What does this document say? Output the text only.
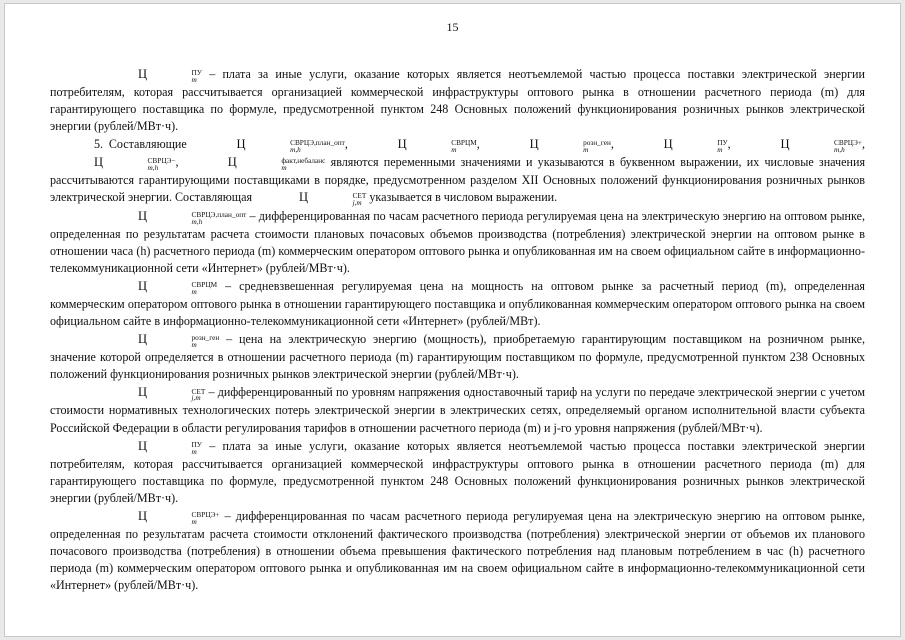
15

Ц	ПУ
m – плата за иные услуги, оказание которых является неотъемлемой частью процесса поставки электрической энергии потребителям, которая рассчитывается организацией коммерческой инфраструктуры оптового рынка в отношении расчетного периода (m) для гарантирующего поставщика по формуле, предусмотренной пунктом 248 Основных положений функционирования розничных рынков электрической энергии (рублей/МВт·ч).

5. Составляющие	Ц	СВРЦЭ,план_опт
m,h	,	Ц	СВРЦМ
m	,	Ц	розн_ген
m	,	Ц	ПУ
m ,	Ц	СВРЦЭ+
m,h	, Ц	СВРЦЭ−
m,h	,	Ц	факт,небаланс
m	являются переменными значениями и указываются в буквенном выражении, их числовые значения рассчитываются гарантирующими поставщиками в порядке, предусмотренном разделом XII Основных положений функционирования розничных рынков электрической энергии. Составляющая	Ц	СЕТ
j,m указывается в числовом выражении.

Ц	СВРЦЭ,план_опт
m,h	– дифференцированная по часам расчетного периода регулируемая цена на электрическую энергию на оптовом рынке, определенная по результатам расчета стоимости плановых почасовых объемов производства (потребления) электрической энергии на оптовом рынке в отношении часа (h) расчетного периода (m) коммерческим оператором оптового рынка и опубликованная им на своем официальном сайте в информационно-телекоммуникационной сети «Интернет» (рублей/МВт·ч).

Ц	СВРЦМ
m	– средневзвешенная регулируемая цена на мощность на оптовом рынке за расчетный период (m), определенная коммерческим оператором оптового рынка в отношении гарантирующего поставщика и опубликованная коммерческим оператором оптового рынка на своем официальном сайте в информационно-телекоммуникационной сети «Интернет» (рублей/МВт).

Ц	розн_ген
m	– цена на электрическую энергию (мощность), приобретаемую гарантирующим поставщиком на розничном рынке, значение которой определяется в отношении расчетного периода (m) гарантирующим поставщиком по формуле, предусмотренной пунктом 238 Основных положений функционирования розничных рынков электрической энергии (рублей/МВт·ч).

Ц	СЕТ
j,m – дифференцированный по уровням напряжения одноставочный тариф на услуги по передаче электрической энергии с учетом стоимости нормативных технологических потерь электрической энергии в электрических сетях, определяемый органом исполнительной власти субъекта Российской Федерации в области регулирования тарифов в отношении расчетного периода (m) и j-го уровня напряжения (рублей/МВт·ч).

Ц	ПУ
m – плата за иные услуги, оказание которых является неотъемлемой частью процесса поставки электрической энергии потребителям, которая рассчитывается организацией коммерческой инфраструктуры оптового рынка в отношении расчетного периода (m) для гарантирующего поставщика по формуле, предусмотренной пунктом 248 Основных положений функционирования розничных рынков электрической энергии (рублей/МВт·ч).

Ц	СВРЦЭ+
m	– дифференцированная по часам расчетного периода регулируемая цена на электрическую энергию на оптовом рынке, определенная по результатам расчета стоимости отклонений фактического производства (потребления) электрической энергии от объемов их планового почасового производства (потребления) в отношении объема превышения фактического потребления над плановым потреблением в час (h) расчетного периода (m) коммерческим оператором оптового рынка и опубликованная им на своем официальном сайте в информационно-телекоммуникационной сети «Интернет» (рублей/МВт·ч).
